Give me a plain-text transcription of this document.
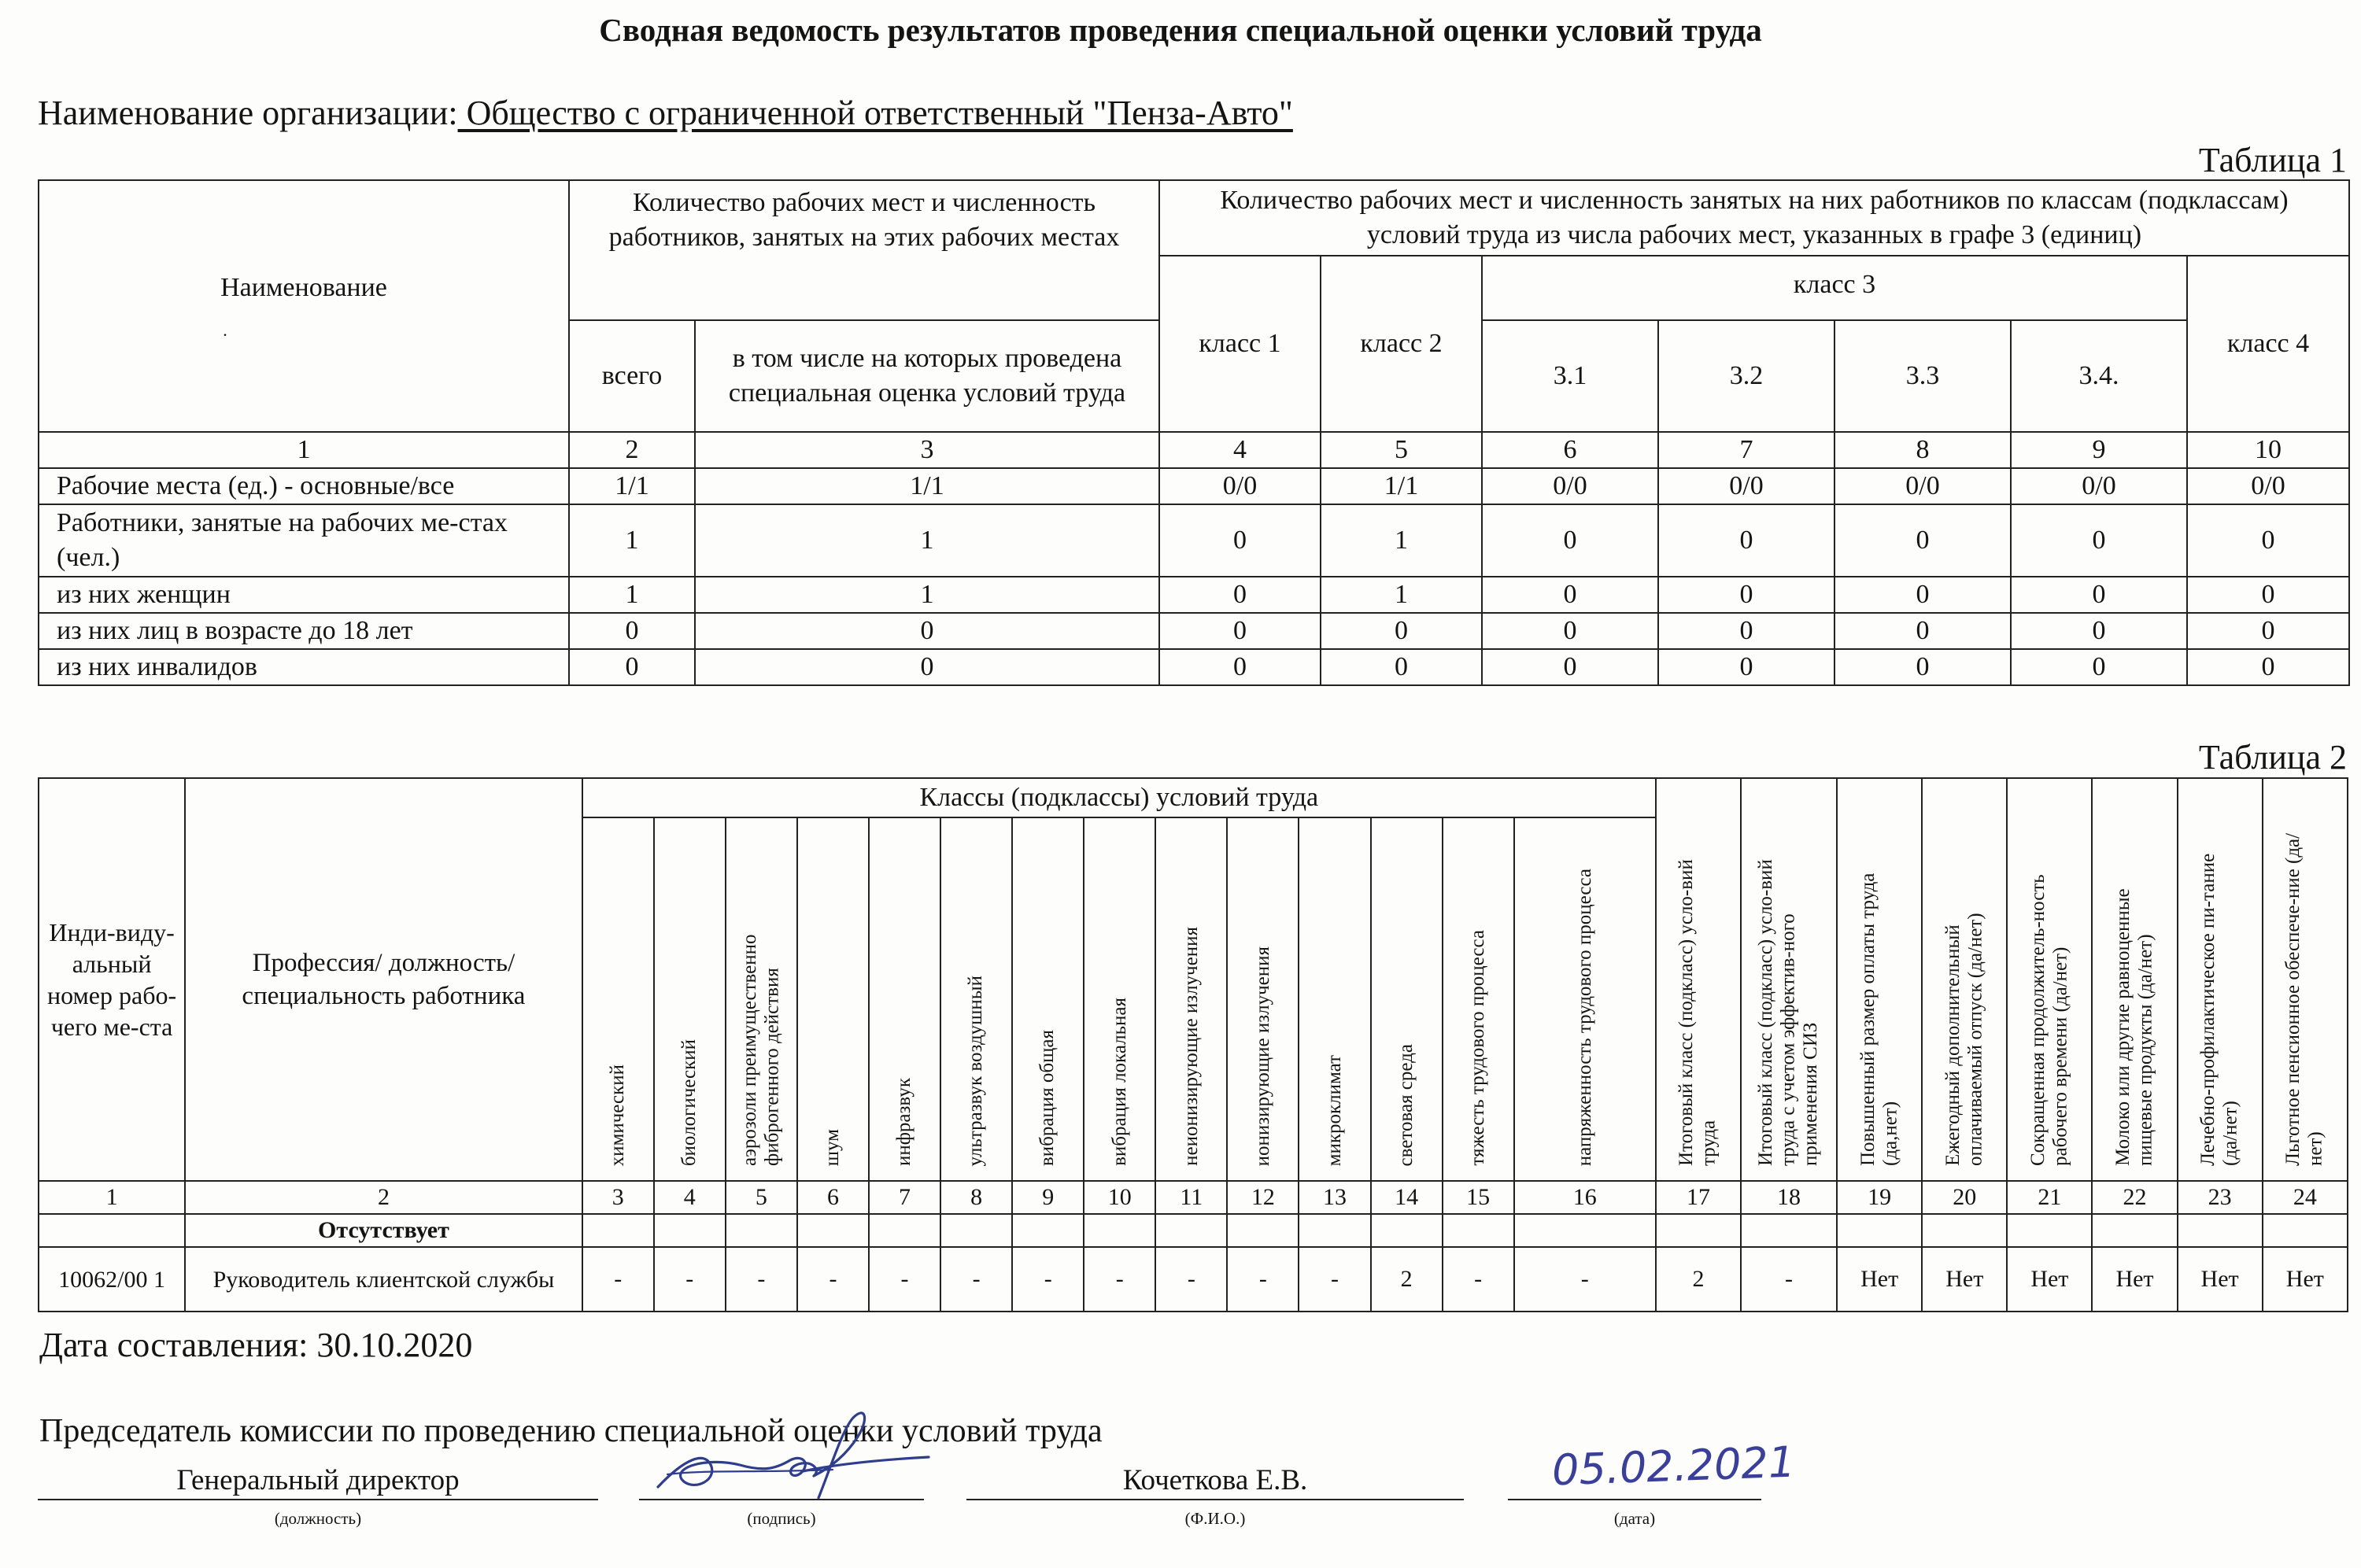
Сводная ведомость результатов проведения специальной оценки условий труда
Наименование организации: Общество с ограниченной ответственный "Пенза-Авто"
Таблица 1
Наименование
.	Количество рабочих мест и численность работников, занятых на этих рабочих местах		Количество рабочих мест и численность занятых на них работников по классам (подклассам) условий труда из числа рабочих мест, указанных в графе 3 (единиц)						
			класс 1	класс 2	класс 3				класс 4
	всего	в том числе на которых проведена специальная оценка условий труда			3.1	3.2	3.3	3.4.	
1	2	3	4	5	6	7	8	9	10
Рабочие места (ед.) - основные/все	1/1	1/1	0/0	1/1	0/0	0/0	0/0	0/0	0/0
Работники, занятые на рабочих ме-стах (чел.)	1	1	0	1	0	0	0	0	0
из них женщин	1	1	0	1	0	0	0	0	0
из них лиц в возрасте до 18 лет	0	0	0	0	0	0	0	0	0
из них инвалидов	0	0	0	0	0	0	0	0	0
Таблица 2
Инди-виду-альный номер рабо-чего ме-ста	Профессия/ должность/ специальность работника	Классы (подклассы) условий труда														Итоговый класс (подкласс) усло-вий труда	Итоговый класс (подкласс) усло-вий труда с учетом эффектив-ного применения СИЗ	Повышенный размер оплаты труда (да,нет)	Ежегодный дополнительный оплачиваемый отпуск (да/нет)	Сокращенная продолжитель-ность рабочего времени (да/нет)	Молоко или другие равноценные пищевые продукты (да/нет)	Лечебно-профилактическое пи-тание (да/нет)	Льготное пенсионное обеспече-ние (да/нет)
		химический	биологический	аэрозоли преимущественно фиброгенного действия	шум	инфразвук	ультразвук воздушный	вибрация общая	вибрация локальная	неионизирующие излучения	ионизирующие излучения	микроклимат	световая среда	тяжесть трудового процесса	напряженность трудового процесса								
1	2	3	4	5	6	7	8	9	10	11	12	13	14	15	16	17	18	19	20	21	22	23	24
	Отсутствует																						
10062/00 1	Руководитель клиентской службы	-	-	-	-	-	-	-	-	-	-	-	2	-	-	2	-	Нет	Нет	Нет	Нет	Нет	Нет
Дата составления: 30.10.2020
Председатель комиссии по проведению специальной оценки условий труда
Генеральный директор
(должность)	(подпись)
Кочеткова Е.В.
(Ф.И.О.)
05.02.2021
(дата)
